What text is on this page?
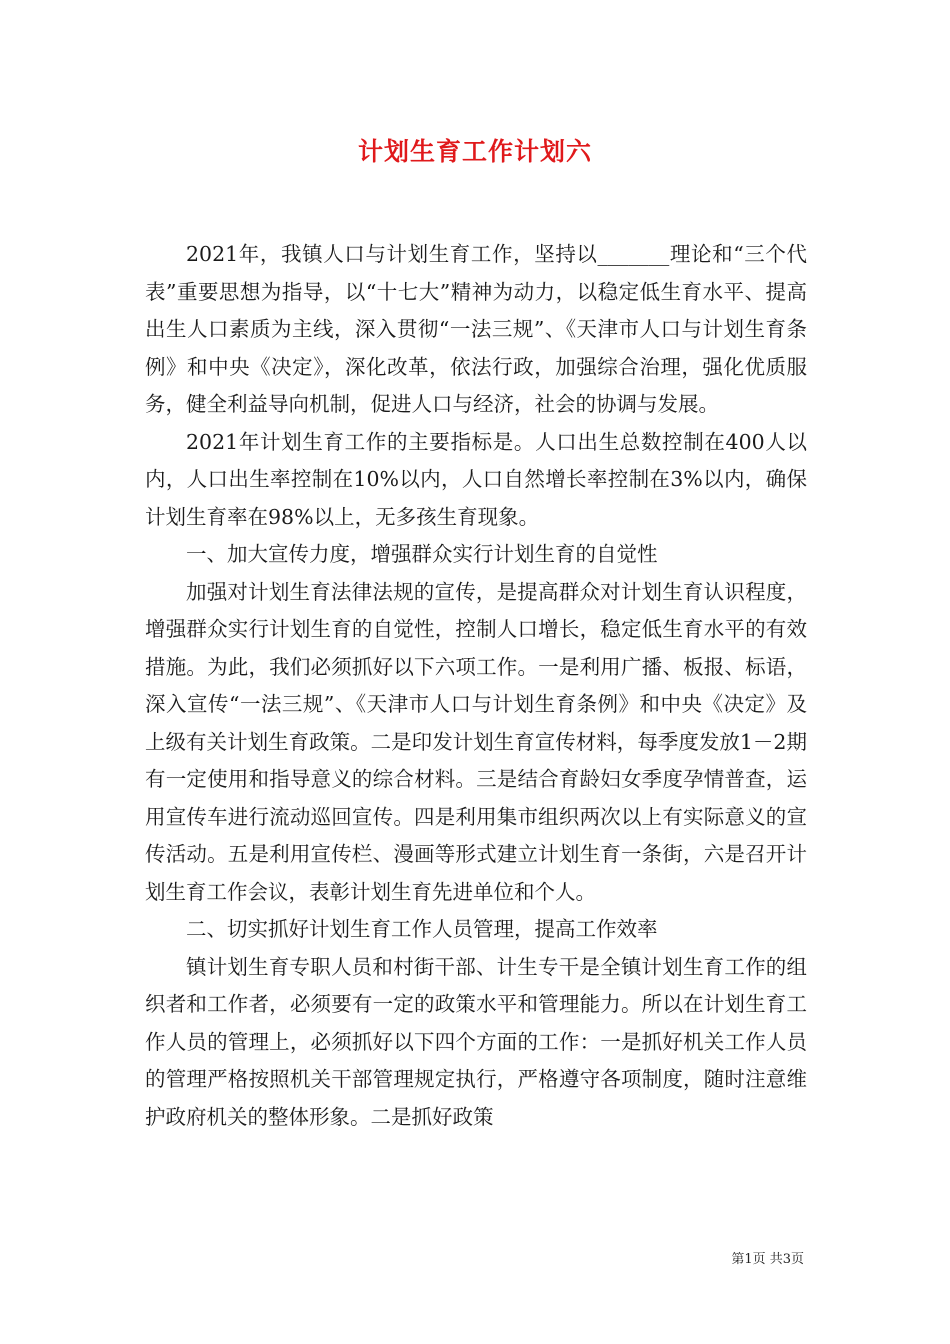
计划生育工作计划六

2021年，我镇人口与计划生育工作，坚持以_______理论和“三个代表”重要思想为指导，以“十七大”精神为动力，以稳定低生育水平、提高出生人口素质为主线，深入贯彻“一法三规”、《天津市人口与计划生育条例》和中央《决定》，深化改革，依法行政，加强综合治理，强化优质服务，健全利益导向机制，促进人口与经济，社会的协调与发展。

2021年计划生育工作的主要指标是。人口出生总数控制在400人以内，人口出生率控制在10%以内，人口自然增长率控制在3%以内，确保计划生育率在98%以上，无多孩生育现象。

一、加大宣传力度，增强群众实行计划生育的自觉性

加强对计划生育法律法规的宣传，是提高群众对计划生育认识程度，增强群众实行计划生育的自觉性，控制人口增长，稳定低生育水平的有效措施。为此，我们必须抓好以下六项工作。一是利用广播、板报、标语，深入宣传“一法三规”、《天津市人口与计划生育条例》和中央《决定》及上级有关计划生育政策。二是印发计划生育宣传材料，每季度发放1－2期有一定使用和指导意义的综合材料。三是结合育龄妇女季度孕情普查，运用宣传车进行流动巡回宣传。四是利用集市组织两次以上有实际意义的宣传活动。五是利用宣传栏、漫画等形式建立计划生育一条街，六是召开计划生育工作会议，表彰计划生育先进单位和个人。

二、切实抓好计划生育工作人员管理，提高工作效率

镇计划生育专职人员和村街干部、计生专干是全镇计划生育工作的组织者和工作者，必须要有一定的政策水平和管理能力。所以在计划生育工作人员的管理上，必须抓好以下四个方面的工作：一是抓好机关工作人员的管理严格按照机关干部管理规定执行，严格遵守各项制度，随时注意维护政府机关的整体形象。二是抓好政策

第1页 共3页
